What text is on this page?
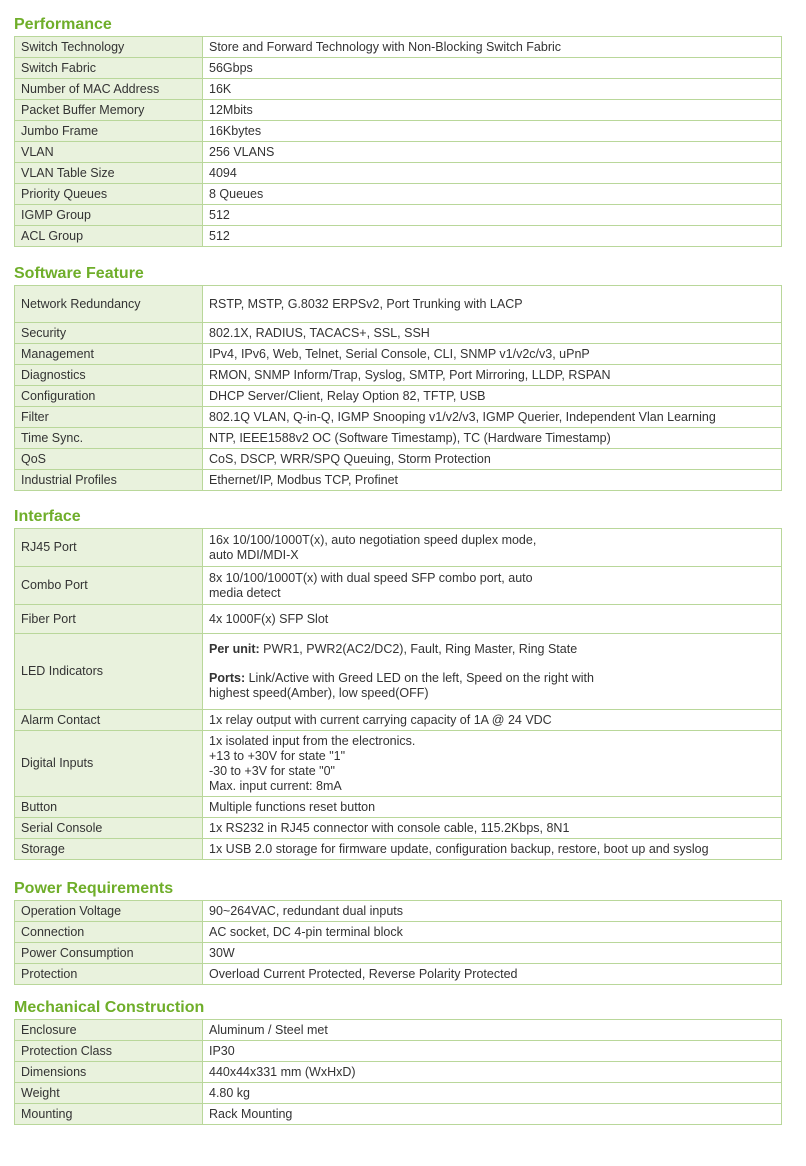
Performance
Switch Technology	Store and Forward Technology with Non-Blocking Switch Fabric
Switch Fabric	56Gbps
Number of MAC Address	16K
Packet Buffer Memory	12Mbits
Jumbo Frame	16Kbytes
VLAN	256 VLANS
VLAN Table Size	4094
Priority Queues	8 Queues
IGMP Group	512
ACL Group	512
Software Feature
Network Redundancy	RSTP, MSTP, G.8032 ERPSv2, Port Trunking with LACP
Security	802.1X, RADIUS, TACACS+, SSL, SSH
Management	IPv4, IPv6, Web, Telnet, Serial Console, CLI, SNMP v1/v2c/v3, uPnP
Diagnostics	RMON, SNMP Inform/Trap, Syslog, SMTP, Port Mirroring, LLDP, RSPAN
Configuration	DHCP Server/Client, Relay Option 82, TFTP, USB
Filter	802.1Q VLAN, Q-in-Q, IGMP Snooping v1/v2/v3, IGMP Querier, Independent Vlan Learning
Time Sync.	NTP, IEEE1588v2 OC (Software Timestamp), TC (Hardware Timestamp)
QoS	CoS, DSCP, WRR/SPQ Queuing, Storm Protection
Industrial Profiles	Ethernet/IP, Modbus TCP, Profinet
Interface
RJ45 Port	16x 10/100/1000T(x), auto negotiation speed duplex mode,
auto MDI/MDI-X

Combo Port	8x 10/100/1000T(x) with dual speed SFP combo port, auto
media detect

Fiber Port	4x 1000F(x) SFP Slot
LED Indicators	Per unit: PWR1, PWR2(AC2/DC2), Fault, Ring Master, Ring State
Ports: Link/Active with Greed LED on the left, Speed on the right with
highest speed(Amber), low speed(OFF)

Alarm Contact	1x relay output with current carrying capacity of 1A @ 24 VDC
Digital Inputs	1x isolated input from the electronics.
+13 to +30V for state "1"
-30 to +3V for state "0"
Max. input current: 8mA

Button	Multiple functions reset button
Serial Console	1x RS232 in RJ45 connector with console cable, 115.2Kbps, 8N1
Storage	1x USB 2.0 storage for firmware update, configuration backup, restore, boot up and syslog
Power Requirements
Operation Voltage	90~264VAC, redundant dual inputs
Connection	AC socket, DC 4-pin terminal block
Power Consumption	30W
Protection	Overload Current Protected, Reverse Polarity Protected
Mechanical Construction
Enclosure	Aluminum / Steel met
Protection Class	IP30
Dimensions	440x44x331 mm (WxHxD)
Weight	4.80 kg
Mounting	Rack Mounting
